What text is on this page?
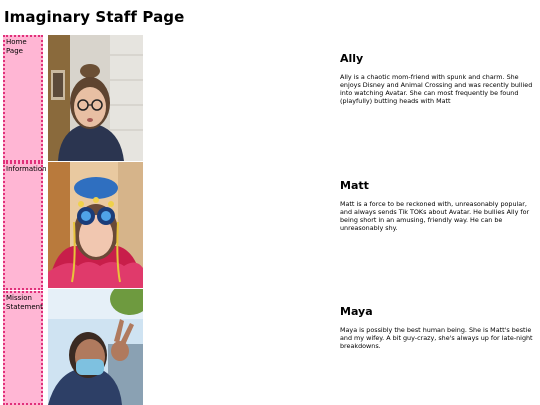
Imaginary Staff Page
Home Page
Information
Mission Statement
Ally

Ally is a chaotic mom-friend with spunk and charm. She enjoys Disney and Animal Crossing and was recently bullied into watching Avatar. She can most frequently be found (playfully) butting heads with Matt

Matt

Matt is a force to be reckoned with, unreasonably popular, and always sends Tik TOKs about Avatar. He bullies Ally for being short in an amusing, friendly way. He can be unreasonably shy.

Maya

Maya is possibly the best human being. She is Matt's bestie and my wifey. A bit guy-crazy, she's always up for late-night breakdowns.
